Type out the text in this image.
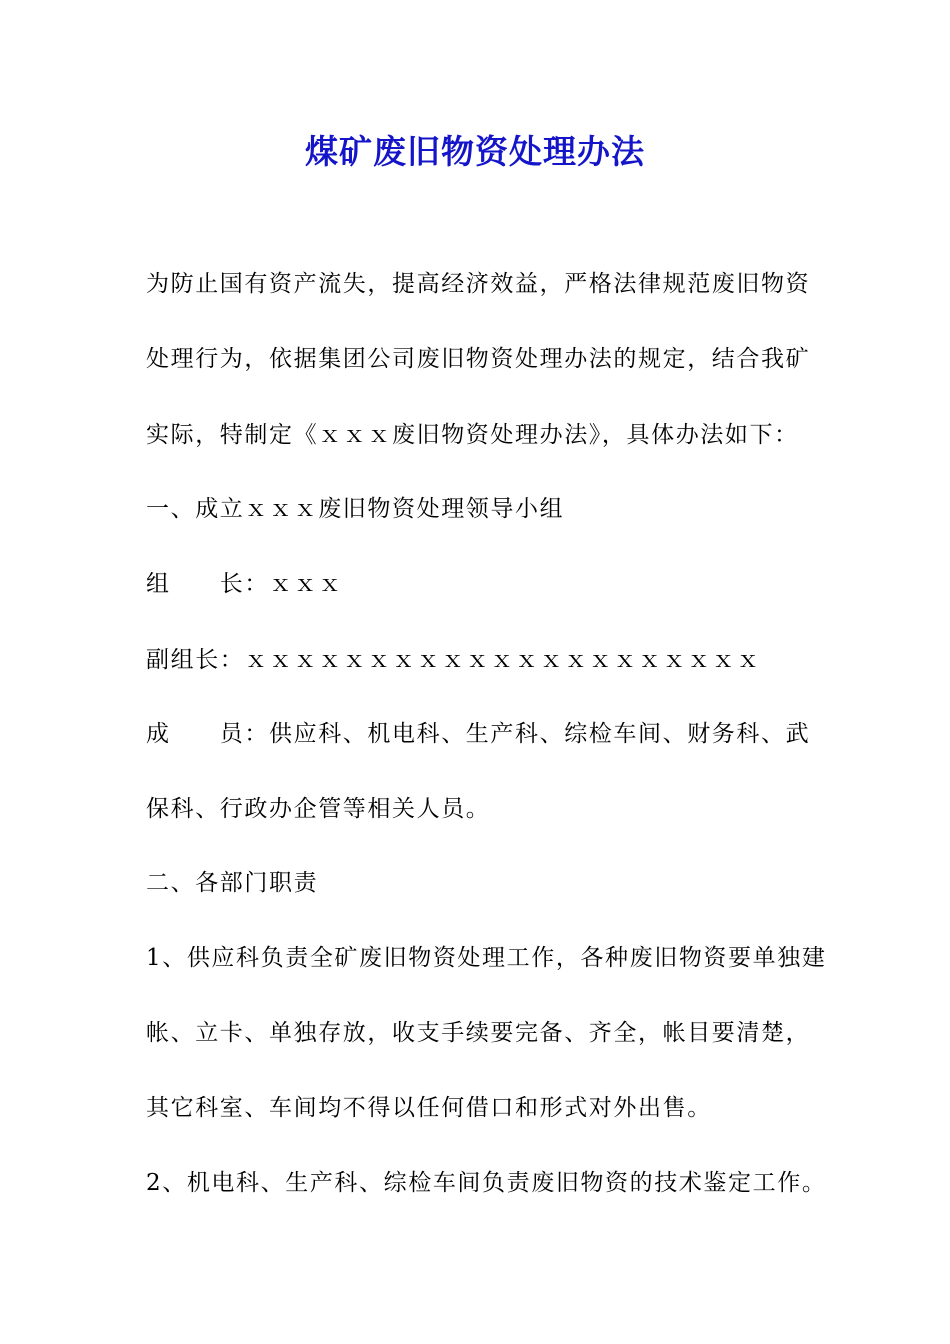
煤矿废旧物资处理办法
为防止国有资产流失，提高经济效益，严格法律规范废旧物资
处理行为，依据集团公司废旧物资处理办法的规定，结合我矿
实际，特制定《ｘｘｘ废旧物资处理办法》，具体办法如下：
一、成立ｘｘｘ废旧物资处理领导小组
组　　长：ｘｘｘ
副组长：ｘｘｘｘｘｘｘｘｘｘｘｘｘｘｘｘｘｘｘｘｘ
成　　员：供应科、机电科、生产科、综检车间、财务科、武
保科、行政办企管等相关人员。
二、各部门职责
1、供应科负责全矿废旧物资处理工作，各种废旧物资要单独建
帐、立卡、单独存放，收支手续要完备、齐全，帐目要清楚，
其它科室、车间均不得以任何借口和形式对外出售。
2、机电科、生产科、综检车间负责废旧物资的技术鉴定工作。
